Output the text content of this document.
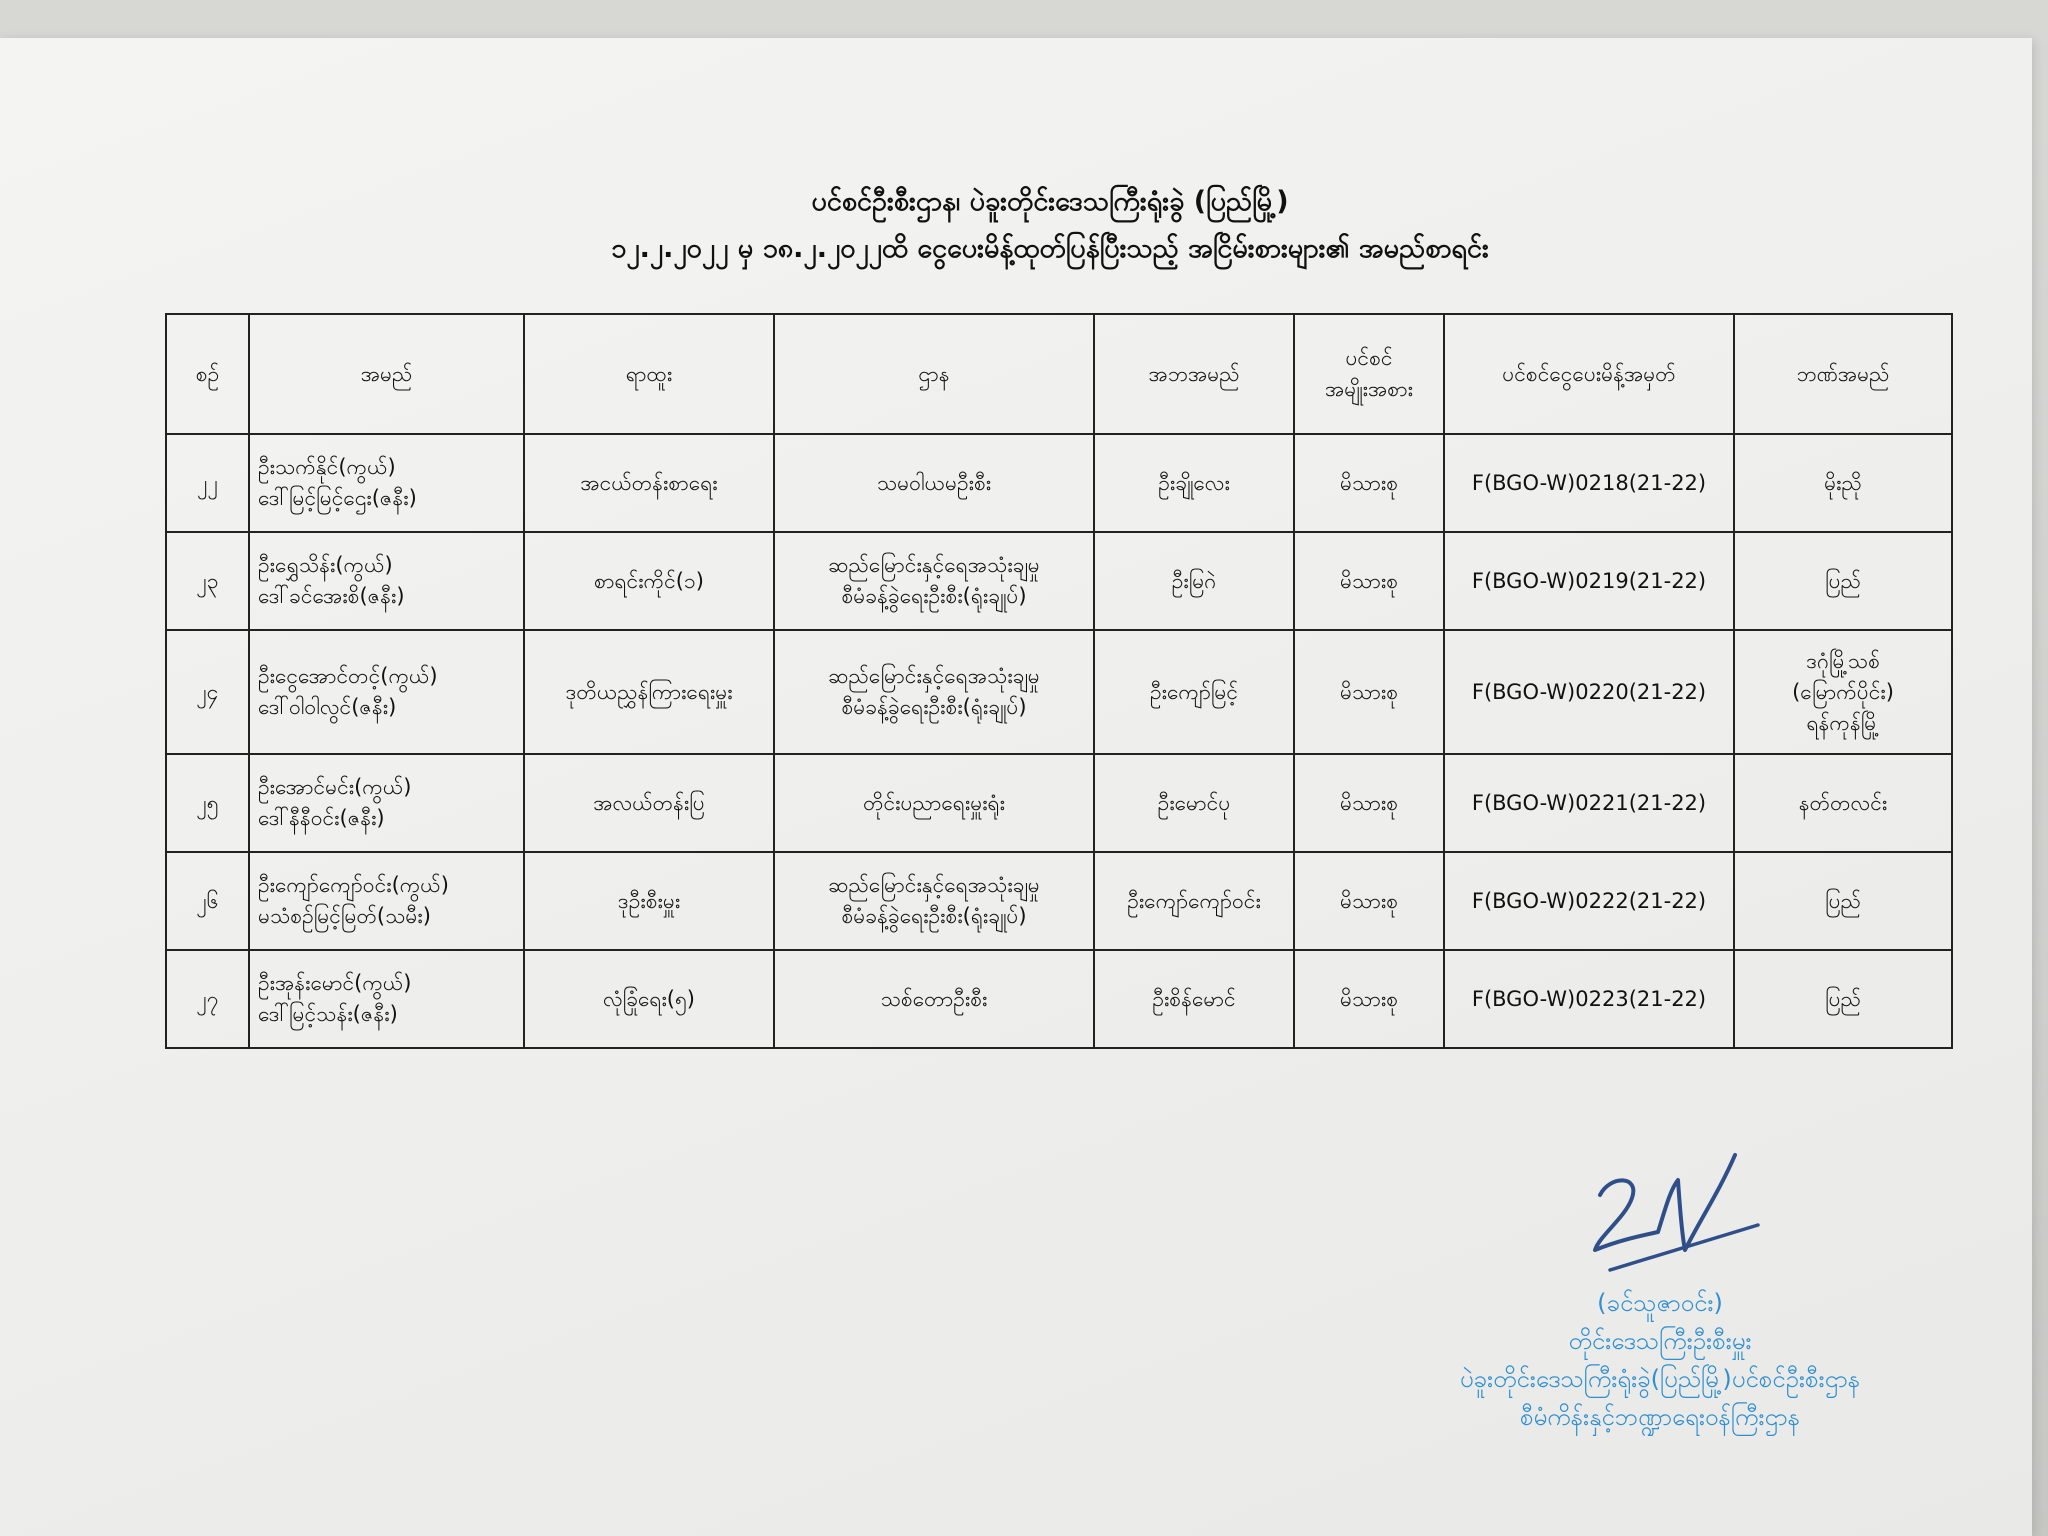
ပင်စင်ဦးစီးဌာန၊ ပဲခူးတိုင်းဒေသကြီးရုံးခွဲ (ပြည်မြို့)
၁၂.၂.၂၀၂၂ မှ ၁၈.၂.၂၀၂၂ထိ ငွေပေးမိန့်ထုတ်ပြန်ပြီးသည့် အငြိမ်းစားများ၏ အမည်စာရင်း
စဉ်	အမည်	ရာထူး	ဌာန	အဘအမည်	ပင်စင်
အမျိုးအစား	ပင်စင်ငွေပေးမိန့်အမှတ်	ဘဏ်အမည်
၂၂	ဦးသက်နိုင်(ကွယ်)
ဒေါ်မြင့်မြင့်ဌေး(ဇနီး)	အငယ်တန်းစာရေး	သမဝါယမဦးစီး	ဦးချိုလေး	မိသားစု	F(BGO-W)0218(21-22)	မိုးညို

၂၃	ဦးရွှေသိန်း(ကွယ်)
ဒေါ်ခင်အေးစိ(ဇနီး)	စာရင်းကိုင်(၁)	ဆည်မြောင်းနှင့်ရေအသုံးချမှု
စီမံခန့်ခွဲရေးဦးစီး(ရုံးချုပ်)	ဦးမြဂဲ	မိသားစု	F(BGO-W)0219(21-22)	ပြည်

၂၄	ဦးငွေအောင်တင့်(ကွယ်)
ဒေါ်ဝါဝါလွင်(ဇနီး)	ဒုတိယညွှန်ကြားရေးမှူး	ဆည်မြောင်းနှင့်ရေအသုံးချမှု
စီမံခန့်ခွဲရေးဦးစီး(ရုံးချုပ်)	ဦးကျော်မြင့်	မိသားစု	F(BGO-W)0220(21-22)	ဒဂုံမြို့သစ်
(မြောက်ပိုင်း)
ရန်ကုန်မြို့

၂၅	ဦးအောင်မင်း(ကွယ်)
ဒေါ်နီနီဝင်း(ဇနီး)	အလယ်တန်းပြ	တိုင်းပညာရေးမှူးရုံး	ဦးမောင်ပု	မိသားစု	F(BGO-W)0221(21-22)	နတ်တလင်း

၂၆	ဦးကျော်ကျော်ဝင်း(ကွယ်)
မသံစဉ်မြင့်မြတ်(သမီး)	ဒုဦးစီးမှူး	ဆည်မြောင်းနှင့်ရေအသုံးချမှု
စီမံခန့်ခွဲရေးဦးစီး(ရုံးချုပ်)	ဦးကျော်ကျော်ဝင်း	မိသားစု	F(BGO-W)0222(21-22)	ပြည်

၂၇	ဦးအုန်းမောင်(ကွယ်)
ဒေါ်မြင့်သန်း(ဇနီး)	လုံခြုံရေး(၅)	သစ်တောဦးစီး	ဦးစိန်မောင်	မိသားစု	F(BGO-W)0223(21-22)	ပြည်
(ခင်သူဇာဝင်း)
တိုင်းဒေသကြီးဦးစီးမှူး
ပဲခူးတိုင်းဒေသကြီးရုံးခွဲ(ပြည်မြို့)ပင်စင်ဦးစီးဌာန
စီမံကိန်းနှင့်ဘဏ္ဍာရေးဝန်ကြီးဌာန
